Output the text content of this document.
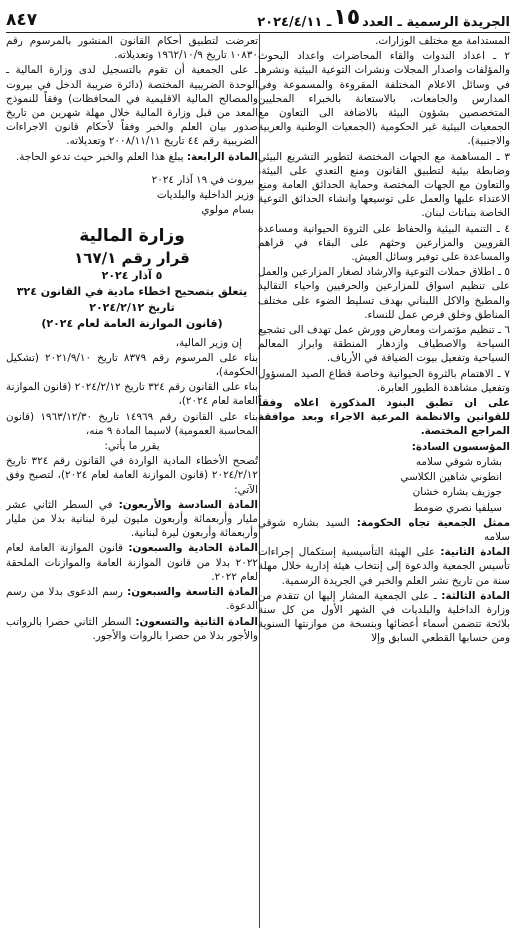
الجريدة الرسمية ـ العدد
١٥
ـ ٢٠٢٤/٤/١١
٨٤٧

المستدامة مع مختلف الوزارات.

٢ ـ اعداد الندوات والقاء المحاضرات واعداد البحوث والمؤلفات واصدار المجلات ونشرات التوعية البيئية ونشرها في وسائل الاعلام المختلفة المقروءة والمسموعة وفي المدارس والجامعات، بالاستعانة بالخبراء المحليين المتخصصين بشؤون البيئة بالاضافة الى التعاون مع الجمعيات البيئية غير الحكومية (الجمعيات الوطنية والعربية والاجنبية).

٣ ـ المساهمة مع الجهات المختصة لتطوير التشريع البيئي وضابطة بيئية لتطبيق القانون ومنع التعدي على البيئة، والتعاون مع الجهات المختصة وحماية الحدائق العامة ومنع الاعتداء عليها والعمل على توسيعها وانشاء الحدائق التوعية الخاصة بنباتات لبنان.

٤ ـ التنمية البيئية والحفاظ على الثروة الحيوانية ومساعدة القرويين والمزارعين وحثهم على البقاء في قراهم والمساعدة على توفير وسائل العيش.

٥ ـ اطلاق حملات التوعية والارشاد لصغار المزارعين والعمل على تنظيم اسواق للمزارعين والحرفيين واحياء التقاليد والمطبخ والاكل اللبناني بهدف تسليط الضوء على مختلف المناطق وخلق فرص عمل للنساء.

٦ ـ تنظيم مؤتمرات ومعارض وورش عمل تهدف الى تشجيع السياحة والاصطياف وازدهار المنطقة وابراز المعالم السياحية وتفعيل بيوت الضيافة في الأرياف.

٧ ـ الاهتمام بالثروة الحيوانية وخاصة قطاع الصيد المسؤول وتفعيل مشاهدة الطيور العابرة.

على ان تطبق البنود المذكورة اعلاه وفقاً للقوانين والانظمة المرعية الاجراء وبعد موافقة المراجع المختصة.

المؤسسون السادة:

بشاره شوقي سلامه

انطوني شاهين الكلاسي

جوزيف بشاره خشان

سيلفيا نصري ضومط

ممثل الجمعية تجاه الحكومة: السيد بشاره شوقي سلامه

المادة الثانية: على الهيئة التأسيسية إستكمال إجراءات تأسيس الجمعية والدعوة إلى إنتخاب هيئة إدارية خلال مهلة سنة من تاريخ نشر العلم والخبر في الجريدة الرسمية.

المادة الثالثة: ـ على الجمعية المشار إليها ان تتقدم من وزارة الداخلية والبلديات في الشهر الأول من كل سنة بلائحة تتضمن أسماء أعضائها وبنسخة من موازنتها السنوية ومن حسابها القطعي السابق وإلا

تعرضت لتطبيق أحكام القانون المنشور بالمرسوم رقم ١٠٨٣٠ تاريخ ١٩٦٢/١٠/٩ وتعديلاته.

ـ على الجمعية أن تقوم بالتسجيل لدى وزارة المالية ـ الوحدة الضريبية المختصة (دائرة ضريبة الدخل في بيروت والمصالح المالية الاقليمية في المحافظات) وفقاً للنموذج المعد من قبل وزارة المالية خلال مهلة شهرين من تاريخ صدور بيان العلم والخبر وفقاً لأحكام قانون الاجراءات الضريبية رقم ٤٤ تاريخ ٢٠٠٨/١١/١١ وتعديلاته.

المادة الرابعة: يبلغ هذا العلم والخبر حيث تدعو الحاجة.

بيروت في ١٩ آذار ٢٠٢٤

وزير الداخلية والبلديات

بسام مولوي

وزارة المالية
قرار رقم ١٦٧/١
٥ آذار ٢٠٢٤

يتعلق بتصحيح اخطاء مادية في القانون ٣٢٤

تاريخ ٢٠٢٤/٢/١٢

(قانون الموازنة العامة لعام ٢٠٢٤)

إن وزير المالية،

بناء على المرسوم رقم ٨٣٧٩ تاريخ ٢٠٢١/٩/١٠ (تشكيل الحكومة)،

بناء على القانون رقم ٣٢٤ تاريخ ٢٠٢٤/٢/١٢ (قانون الموازنة العامة لعام ٢٠٢٤)،

بناء على القانون رقم ١٤٩٦٩ تاريخ ١٩٦٣/١٢/٣٠ (قانون المحاسبة العمومية) لاسيما المادة ٩ منه،

يقرر ما يأتي:

تُصحح الأخطاء المادية الواردة في القانون رقم ٣٢٤ تاريخ ٢٠٢٤/٢/١٢ (قانون الموازنة العامة لعام ٢٠٢٤)، لتصبح وفق الآتي:

المادة السادسة والأربعون: في السطر الثاني عشر مليار وأربعمائة وأربعون مليون ليرة لبنانية بدلا من مليار وأربعمائة وأربعون ليرة لبنانية.

المادة الحادية والسبعون: قانون الموازنة العامة لعام ٢٠٢٢ بدلا من قانون الموازنة العامة والموازنات الملحقة لعام ٢٠٢٢.

المادة التاسعة والسبعون: رسم الدعوى بدلا من رسم الدعوة.

المادة الثانية والتسعون: السطر الثاني حصرا بالرواتب والأجور بدلا من حصرا بالروات والأجور.
